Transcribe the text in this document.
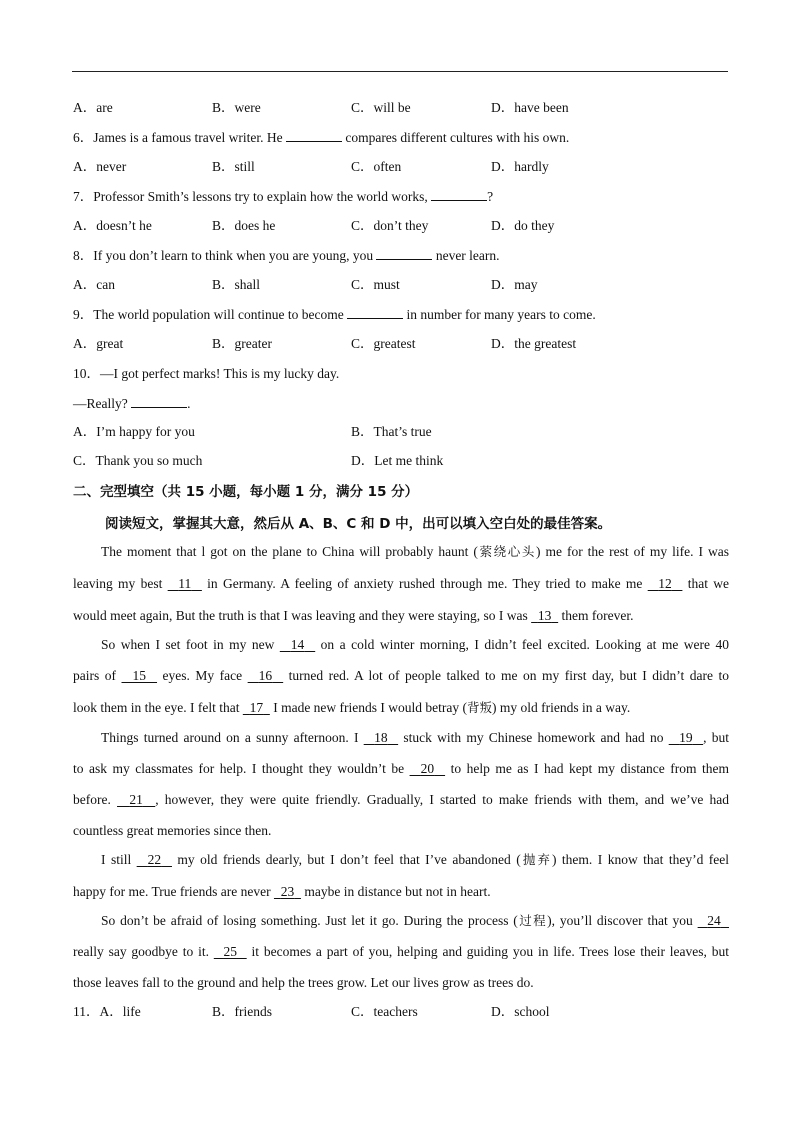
A．are	B．were	C．will be	D．have been
6．James is a famous travel writer. He	compares different cultures with his own.
A．never	B．still	C．often	D．hardly
7．Professor Smith’s lessons try to explain how the world works,	?
A．doesn’t he	B．does he	C．don’t they	D．do they
8．If you don’t learn to think when you are young, you	never learn.
A．can	B．shall	C．must	D．may
9．The world population will continue to become	in number for many years to come.
A．great	B．greater	C．greatest	D．the greatest
10．—I got perfect marks! This is my lucky day.
—Really?	.
A．I’m happy for you	B．That’s true
C．Thank you so much	D．Let me think
二、完型填空（共 15 小题，每小题 1 分，满分 15 分）
阅读短文，掌握其大意，然后从 A、B、C 和 D 中，出可以填入空白处的最佳答案。
The moment that l got on the plane to China will probably haunt (萦绕心头) me for the rest of my life. I was
leaving my best   11   in Germany. A feeling of anxiety rushed through me. They tried to make me   12   that we
would meet again, But the truth is that I was leaving and they were staying, so I was   13   them forever.
So when I set foot in my new   14   on a cold winter morning, I didn’t feel excited. Looking at me were 40
pairs of   15   eyes. My face   16   turned red. A lot of people talked to me on my first day, but I didn’t dare to
look them in the eye. I felt that   17   I made new friends I would betray (背叛) my old friends in a way.
Things turned around on a sunny afternoon. I   18   stuck with my Chinese homework and had no   19 , but
to ask my classmates for help. I thought they wouldn’t be   20   to help me as I had kept my distance from them
before.   21 , however, they were quite friendly. Gradually, I started to make friends with them, and we’ve had
countless great memories since then.
I still   22   my old friends dearly, but I don’t feel that I’ve abandoned (抛弃) them. I know that they’d feel
happy for me. True friends are never   23   maybe in distance but not in heart.
So don’t be afraid of losing something. Just let it go. During the process (过程), you’ll discover that you   24
really say goodbye to it.   25   it becomes a part of you, helping and guiding you in life. Trees lose their leaves, but
those leaves fall to the ground and help the trees grow. Let our lives grow as trees do.
11．A．life	B．friends	C．teachers	D．school
